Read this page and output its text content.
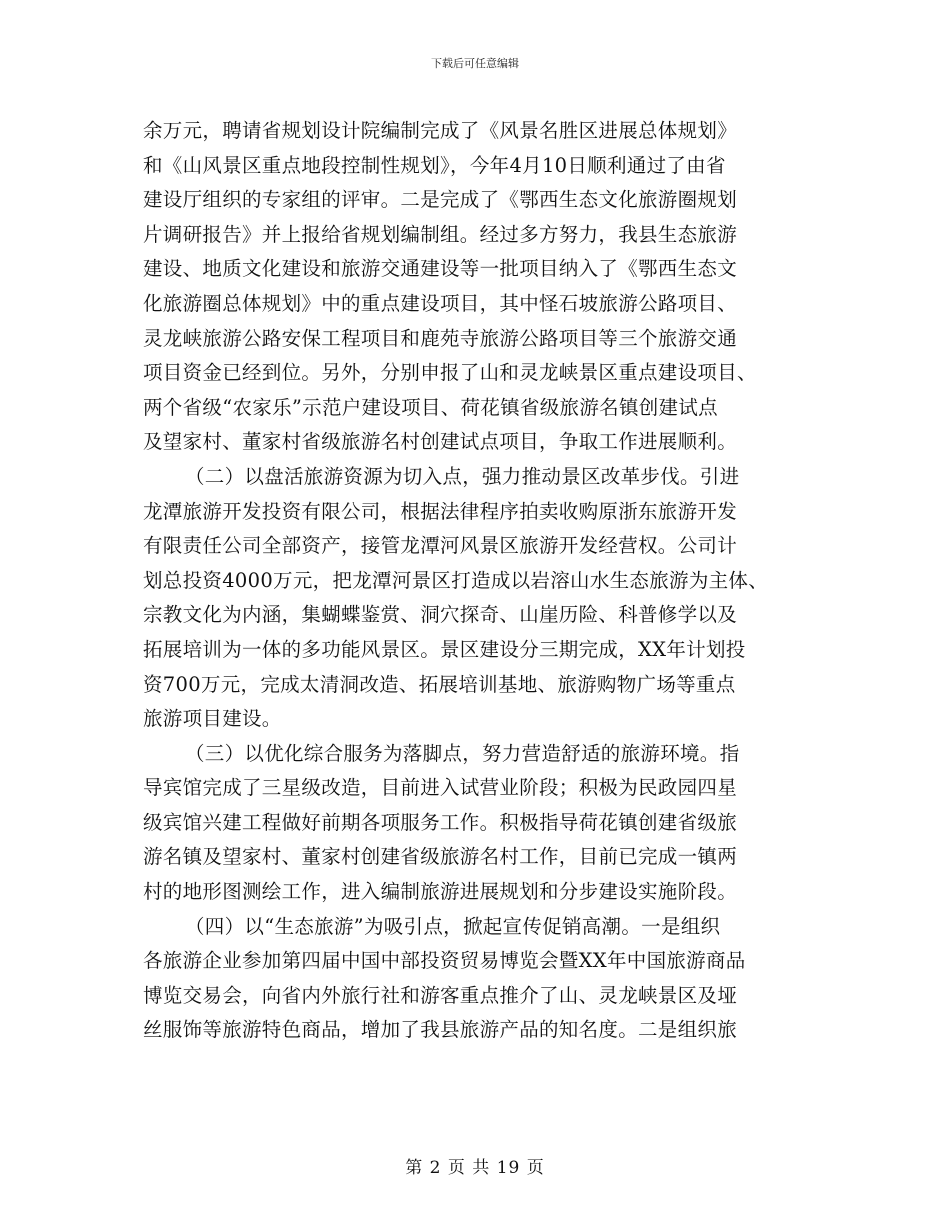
下载后可任意编辑
余万元，聘请省规划设计院编制完成了《风景名胜区进展总体规划》
和《山风景区重点地段控制性规划》，今年4月10日顺利通过了由省
建设厅组织的专家组的评审。二是完成了《鄂西生态文化旅游圈规划
片调研报告》并上报给省规划编制组。经过多方努力，我县生态旅游
建设、地质文化建设和旅游交通建设等一批项目纳入了《鄂西生态文
化旅游圈总体规划》中的重点建设项目，其中怪石坡旅游公路项目、
灵龙峡旅游公路安保工程项目和鹿苑寺旅游公路项目等三个旅游交通
项目资金已经到位。另外，分别申报了山和灵龙峡景区重点建设项目、
两个省级“农家乐”示范户建设项目、荷花镇省级旅游名镇创建试点
及望家村、董家村省级旅游名村创建试点项目，争取工作进展顺利。
（二）以盘活旅游资源为切入点，强力推动景区改革步伐。引进
龙潭旅游开发投资有限公司，根据法律程序拍卖收购原浙东旅游开发
有限责任公司全部资产，接管龙潭河风景区旅游开发经营权。公司计
划总投资4000万元，把龙潭河景区打造成以岩溶山水生态旅游为主体、
宗教文化为内涵，集蝴蝶鉴赏、洞穴探奇、山崖历险、科普修学以及
拓展培训为一体的多功能风景区。景区建设分三期完成，XX年计划投
资700万元，完成太清洞改造、拓展培训基地、旅游购物广场等重点
旅游项目建设。
（三）以优化综合服务为落脚点，努力营造舒适的旅游环境。指
导宾馆完成了三星级改造，目前进入试营业阶段；积极为民政园四星
级宾馆兴建工程做好前期各项服务工作。积极指导荷花镇创建省级旅
游名镇及望家村、董家村创建省级旅游名村工作，目前已完成一镇两
村的地形图测绘工作，进入编制旅游进展规划和分步建设实施阶段。
（四）以“生态旅游”为吸引点，掀起宣传促销高潮。一是组织
各旅游企业参加第四届中国中部投资贸易博览会暨XX年中国旅游商品
博览交易会，向省内外旅行社和游客重点推介了山、灵龙峡景区及垭
丝服饰等旅游特色商品，增加了我县旅游产品的知名度。二是组织旅
第 2 页 共 19 页
